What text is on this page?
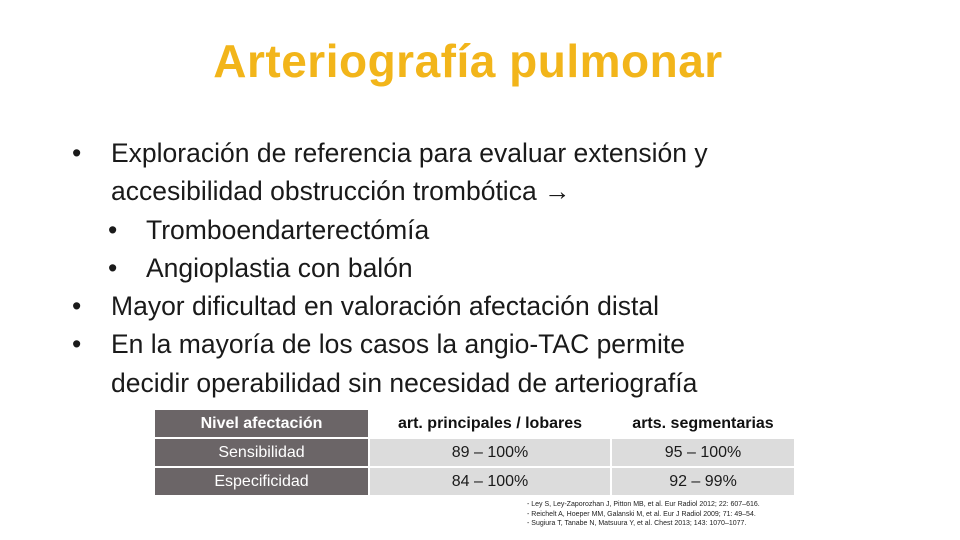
Arteriografía pulmonar
• Exploración de referencia para evaluar extensión y
accesibilidad obstrucción trombótica →
• Tromboendarterectómía
• Angioplastia con balón
• Mayor dificultad en valoración afectación distal
• En la mayoría de los casos la angio-TAC permite
decidir operabilidad sin necesidad de arteriografía
Nivel afectación	art. principales / lobares	arts. segmentarias
Sensibilidad	89 – 100%	95 – 100%
Especificidad	84 – 100%	92 – 99%
- Ley S, Ley-Zaporozhan J, Pitton MB, et al. Eur Radiol 2012; 22: 607–616.
- Reichelt A, Hoeper MM, Galanski M, et al. Eur J Radiol 2009; 71: 49–54.
- Sugiura T, Tanabe N, Matsuura Y, et al. Chest 2013; 143: 1070–1077.
